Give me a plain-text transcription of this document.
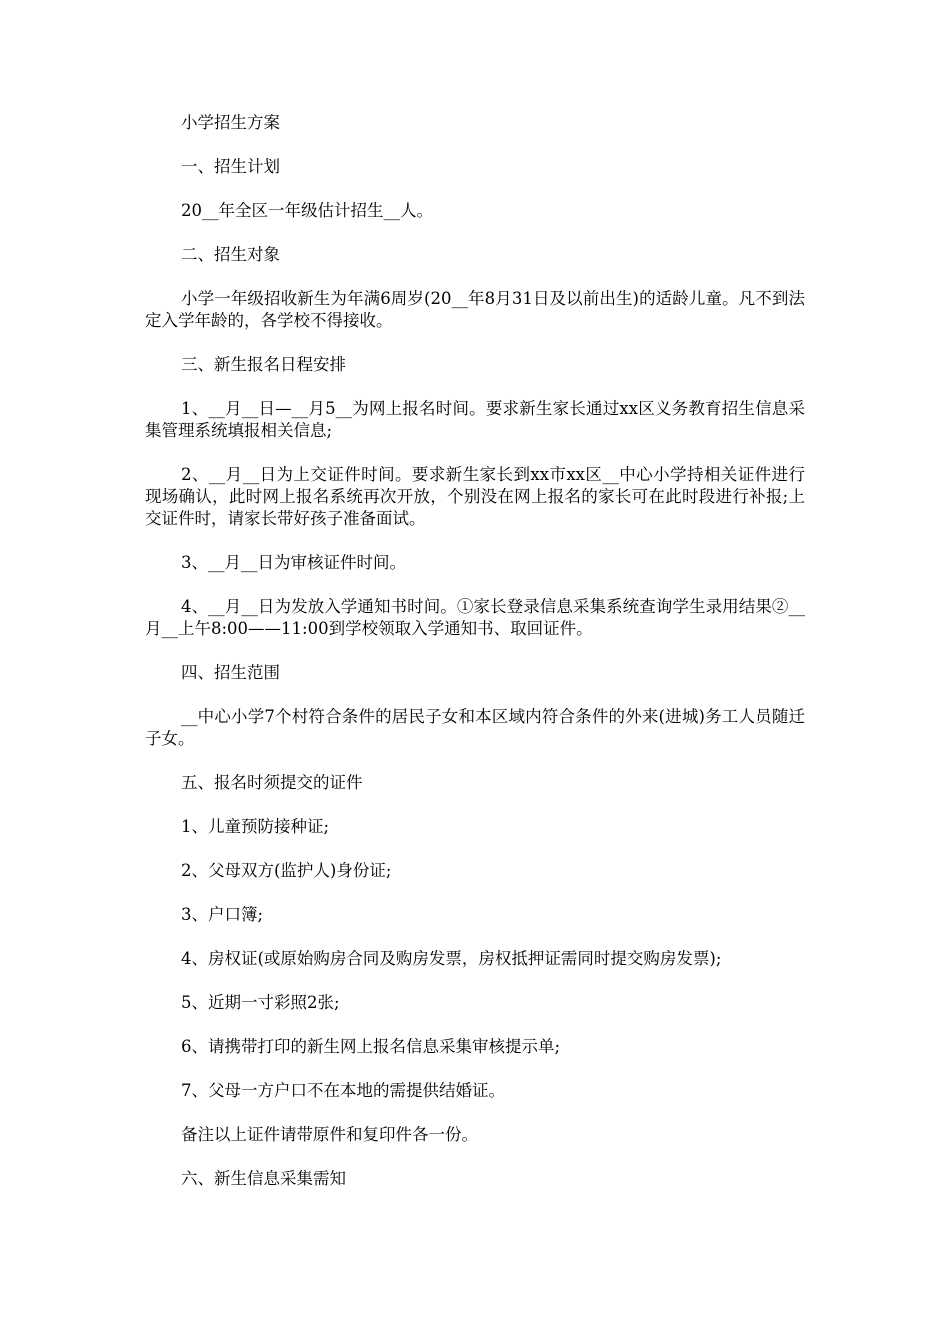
小学招生方案

一、招生计划

20__年全区一年级估计招生__人。

二、招生对象

小学一年级招收新生为年满6周岁(20__年8月31日及以前出生)的适龄儿童。凡不到法定入学年龄的，各学校不得接收。

三、新生报名日程安排

1、__月__日—__月5__为网上报名时间。要求新生家长通过xx区义务教育招生信息采集管理系统填报相关信息;

2、__月__日为上交证件时间。要求新生家长到xx市xx区__中心小学持相关证件进行现场确认，此时网上报名系统再次开放，个别没在网上报名的家长可在此时段进行补报;上交证件时，请家长带好孩子准备面试。

3、__月__日为审核证件时间。

4、__月__日为发放入学通知书时间。①家长登录信息采集系统查询学生录用结果②__月__上午8:00——11:00到学校领取入学通知书、取回证件。

四、招生范围

__中心小学7个村符合条件的居民子女和本区域内符合条件的外来(进城)务工人员随迁子女。

五、报名时须提交的证件

1、儿童预防接种证;

2、父母双方(监护人)身份证;

3、户口簿;

4、房权证(或原始购房合同及购房发票，房权抵押证需同时提交购房发票);

5、近期一寸彩照2张;

6、请携带打印的新生网上报名信息采集审核提示单;

7、父母一方户口不在本地的需提供结婚证。

备注以上证件请带原件和复印件各一份。

六、新生信息采集需知
